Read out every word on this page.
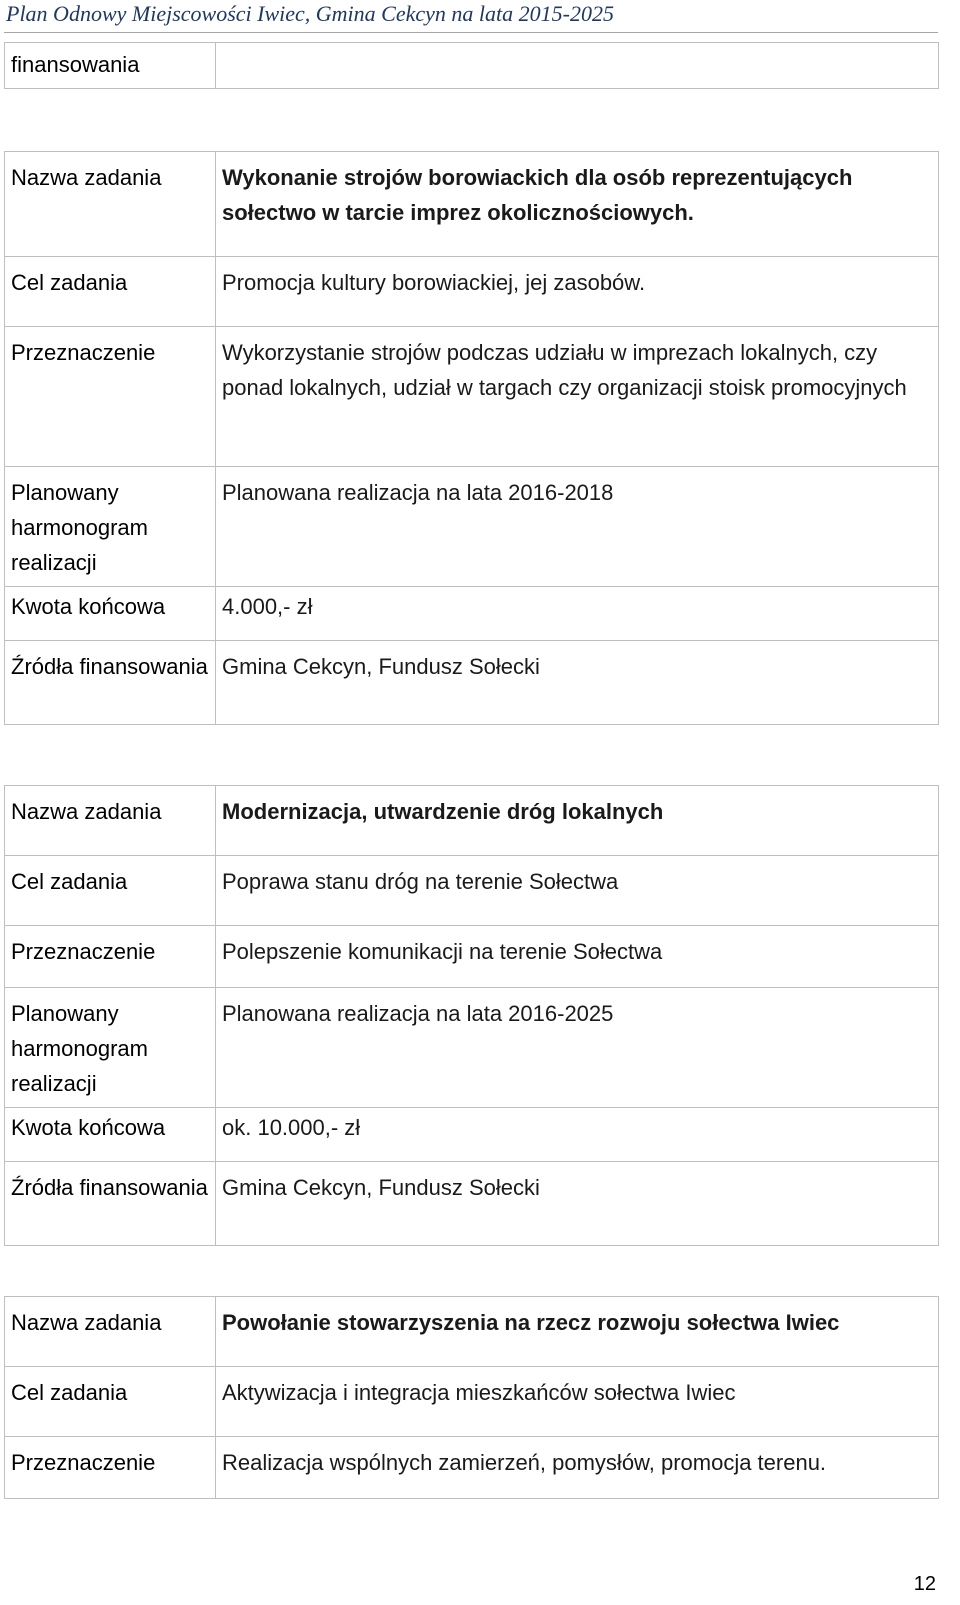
Plan Odnowy Miejscowości Iwiec, Gmina Cekcyn na lata 2015-2025
finansowania	
Nazwa zadania	Wykonanie strojów borowiackich dla osób reprezentujących sołectwo w tarcie imprez okolicznościowych.
Cel zadania	Promocja kultury borowiackiej, jej zasobów.
Przeznaczenie	Wykorzystanie strojów podczas udziału w imprezach lokalnych, czy ponad lokalnych, udział w targach czy organizacji stoisk promocyjnych
Planowany harmonogram realizacji	Planowana realizacja na lata 2016-2018
Kwota końcowa	4.000,- zł
Źródła finansowania	Gmina Cekcyn, Fundusz Sołecki
Nazwa zadania	Modernizacja, utwardzenie dróg lokalnych
Cel zadania	Poprawa stanu dróg na terenie Sołectwa
Przeznaczenie	Polepszenie komunikacji na terenie Sołectwa
Planowany harmonogram realizacji	Planowana realizacja na lata 2016-2025
Kwota końcowa	ok. 10.000,- zł
Źródła finansowania	Gmina Cekcyn, Fundusz Sołecki
Nazwa zadania	Powołanie stowarzyszenia na rzecz rozwoju sołectwa Iwiec
Cel zadania	Aktywizacja i integracja mieszkańców sołectwa Iwiec
Przeznaczenie	Realizacja wspólnych zamierzeń, pomysłów, promocja terenu.
12
